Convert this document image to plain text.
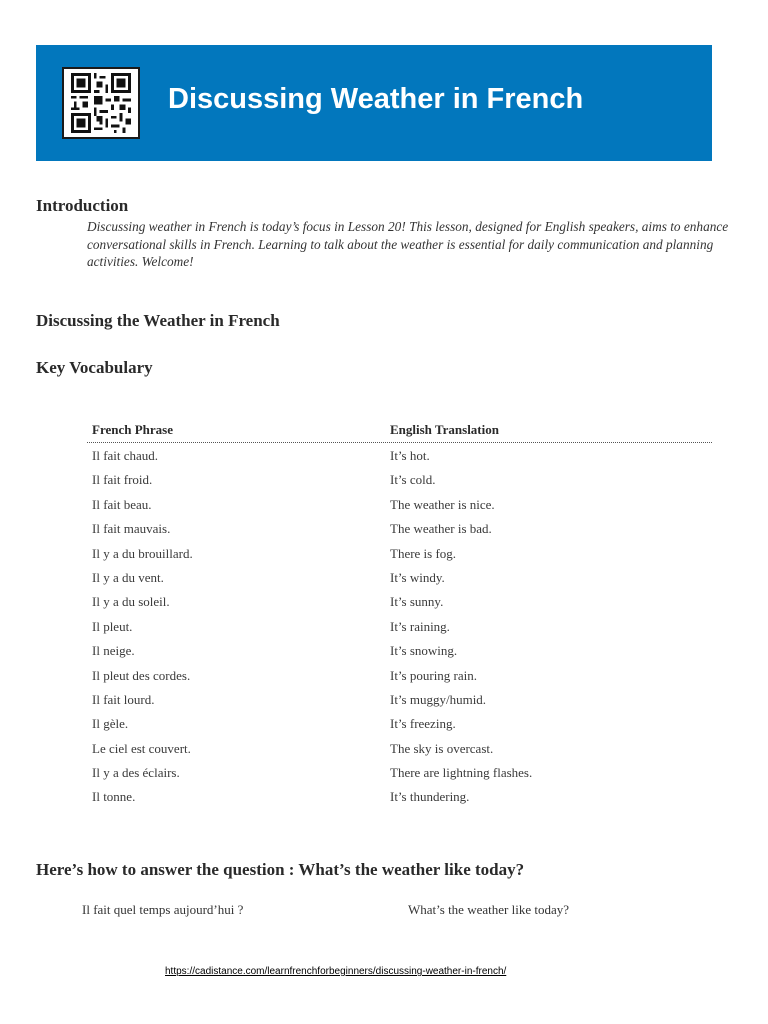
Discussing Weather in French
Introduction
Discussing weather in French is today’s focus in Lesson 20! This lesson, designed for English speakers, aims to enhance conversational skills in French. Learning to talk about the weather is essential for daily communication and planning activities. Welcome!
Discussing the Weather in French
Key Vocabulary
French Phrase	English Translation
Il fait chaud.	It’s hot.
Il fait froid.	It’s cold.
Il fait beau.	The weather is nice.
Il fait mauvais.	The weather is bad.
Il y a du brouillard.	There is fog.
Il y a du vent.	It’s windy.
Il y a du soleil.	It’s sunny.
Il pleut.	It’s raining.
Il neige.	It’s snowing.
Il pleut des cordes.	It’s pouring rain.
Il fait lourd.	It’s muggy/humid.
Il gèle.	It’s freezing.
Le ciel est couvert.	The sky is overcast.
Il y a des éclairs.	There are lightning flashes.
Il tonne.	It’s thundering.
Here’s how to answer the question : What’s the weather like today?
Il fait quel temps aujourd’hui ?	What’s the weather like today?
https://cadistance.com/learnfrenchforbeginners/discussing-weather-in-french/
